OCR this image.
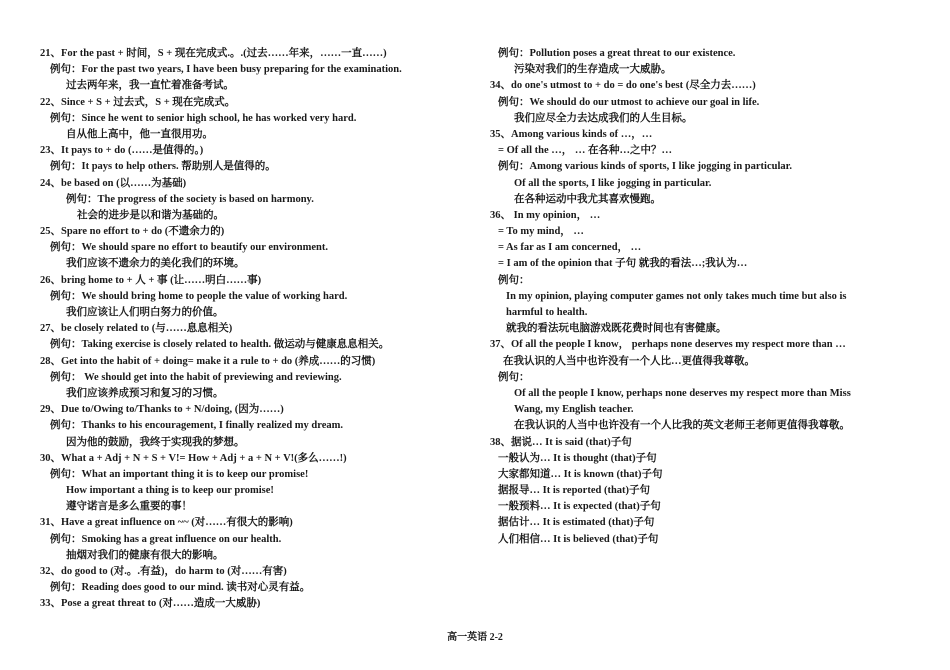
21、For the past + 时间，S + 现在完成式.。.(过去……年来，……一直……)
例句：For the past two years, I have been busy preparing for the examination.
过去两年来，我一直忙着准备考试。
22、Since + S + 过去式，S + 现在完成式。
例句：Since he went to senior high school, he has worked very hard.
自从他上高中，他一直很用功。
23、It pays to + do (……是值得的。)
例句：It pays to help others. 帮助别人是值得的。
24、be based on (以……为基础)
例句：The progress of the society is based on harmony.
社会的进步是以和谐为基础的。
25、Spare no effort to + do (不遗余力的)
例句：We should spare no effort to beautify our environment.
我们应该不遗余力的美化我们的环境。
26、bring home to + 人 + 事 (让……明白……事)
例句：We should bring home to people the value of working hard.
我们应该让人们明白努力的价值。
27、be closely related to (与……息息相关)
例句：Taking exercise is closely related to health. 做运动与健康息息相关。
28、Get into the habit of + doing= make it a rule to + do (养成……的习惯)
例句： We should get into the habit of previewing and reviewing.
我们应该养成预习和复习的习惯。
29、Due to/Owing to/Thanks to + N/doing, (因为……)
例句：Thanks to his encouragement, I finally realized my dream.
因为他的鼓励，我终于实现我的梦想。
30、What a + Adj + N + S + V!= How + Adj + a + N + V!(多么……!)
例句：What an important thing it is to keep our promise!
How important a thing is to keep our promise!
遵守诺言是多么重要的事！
31、Have a great influence on ~~ (对……有很大的影响)
例句：Smoking has a great influence on our health.
抽烟对我们的健康有很大的影响。
32、do good to (对.。.有益)，do harm to (对……有害)
例句：Reading does good to our mind. 读书对心灵有益。
33、Pose a great threat to (对……造成一大威胁)
例句：Pollution poses a great threat to our existence.
污染对我们的生存造成一大威胁。
34、do one's utmost to + do = do one's best (尽全力去……)
例句：We should do our utmost to achieve our goal in life.
我们应尽全力去达成我们的人生目标。
35、Among various kinds of …，…
= Of all the …， … 在各种…之中？…
例句：Among various kinds of sports, I like jogging in particular.
Of all the sports, I like jogging in particular.
在各种运动中我尤其喜欢慢跑。
36、 In my opinion， …
= To my mind， …
= As far as I am concerned， …
= I am of the opinion that 子句 就我的看法…;我认为…
例句：
In my opinion, playing computer games not only takes much time but also is
harmful to health.
就我的看法玩电脑游戏既花费时间也有害健康。
37、Of all the people I know， perhaps none deserves my respect more than …
在我认识的人当中也许没有一个人比…更值得我尊敬。
例句：
Of all the people I know, perhaps none deserves my respect more than Miss
Wang, my English teacher.
在我认识的人当中也许没有一个人比我的英文老师王老师更值得我尊敬。
38、据说… It is said (that)子句
一般认为… It is thought (that)子句
大家都知道… It is known (that)子句
据报导… It is reported (that)子句
一般预料… It is expected (that)子句
据估计… It is estimated (that)子句
人们相信… It is believed (that)子句
高一英语 2-2
